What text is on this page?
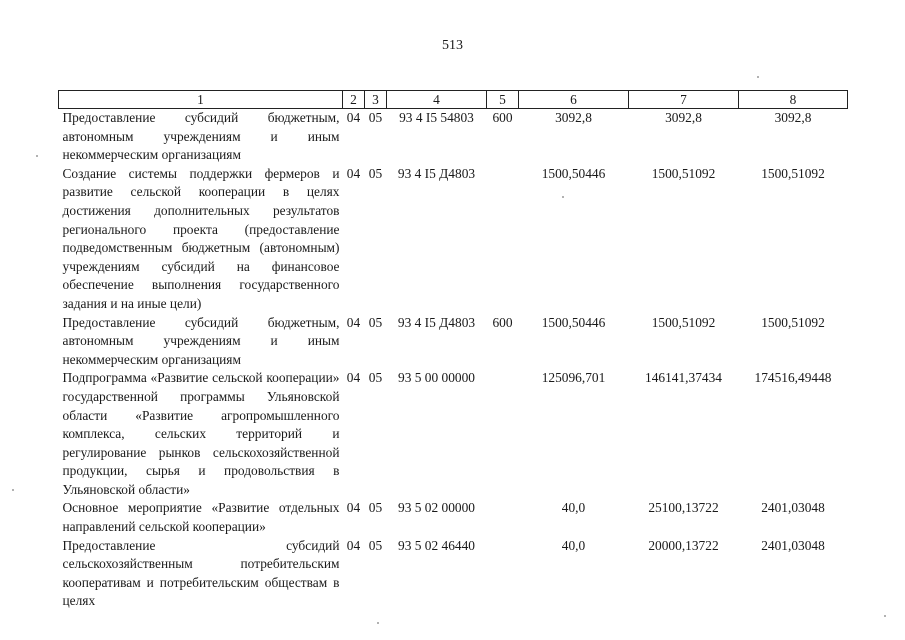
513
1	2	3	4	5	6	7	8
Предоставление субсидий бюджетным, автономным учреждениям и иным некоммерческим организациям	04	05	93 4 I5 54803	600	3092,8	3092,8	3092,8
Создание системы поддержки фермеров и развитие сельской кооперации в целях достижения дополнительных результатов регионального проекта (предоставление подведомственным бюджетным (автономным) учреждениям субсидий на финансовое обеспечение выполнения государственного задания и на иные цели)	04	05	93 4 I5 Д4803		1500,50446	1500,51092	1500,51092
Предоставление субсидий бюджетным, автономным учреждениям и иным некоммерческим организациям	04	05	93 4 I5 Д4803	600	1500,50446	1500,51092	1500,51092
Подпрограмма «Развитие сельской кооперации» государственной программы Ульяновской области «Развитие агропромышленного комплекса, сельских территорий и регулирование рынков сельскохозяйственной продукции, сырья и продовольствия в Ульяновской области»	04	05	93 5 00 00000		125096,701	146141,37434	174516,49448
Основное мероприятие «Развитие отдельных направлений сельской кооперации»	04	05	93 5 02 00000		40,0	25100,13722	2401,03048
Предоставление субсидий сельскохозяйственным потребительским кооперативам и потребительским обществам в целях	04	05	93 5 02 46440		40,0	20000,13722	2401,03048
